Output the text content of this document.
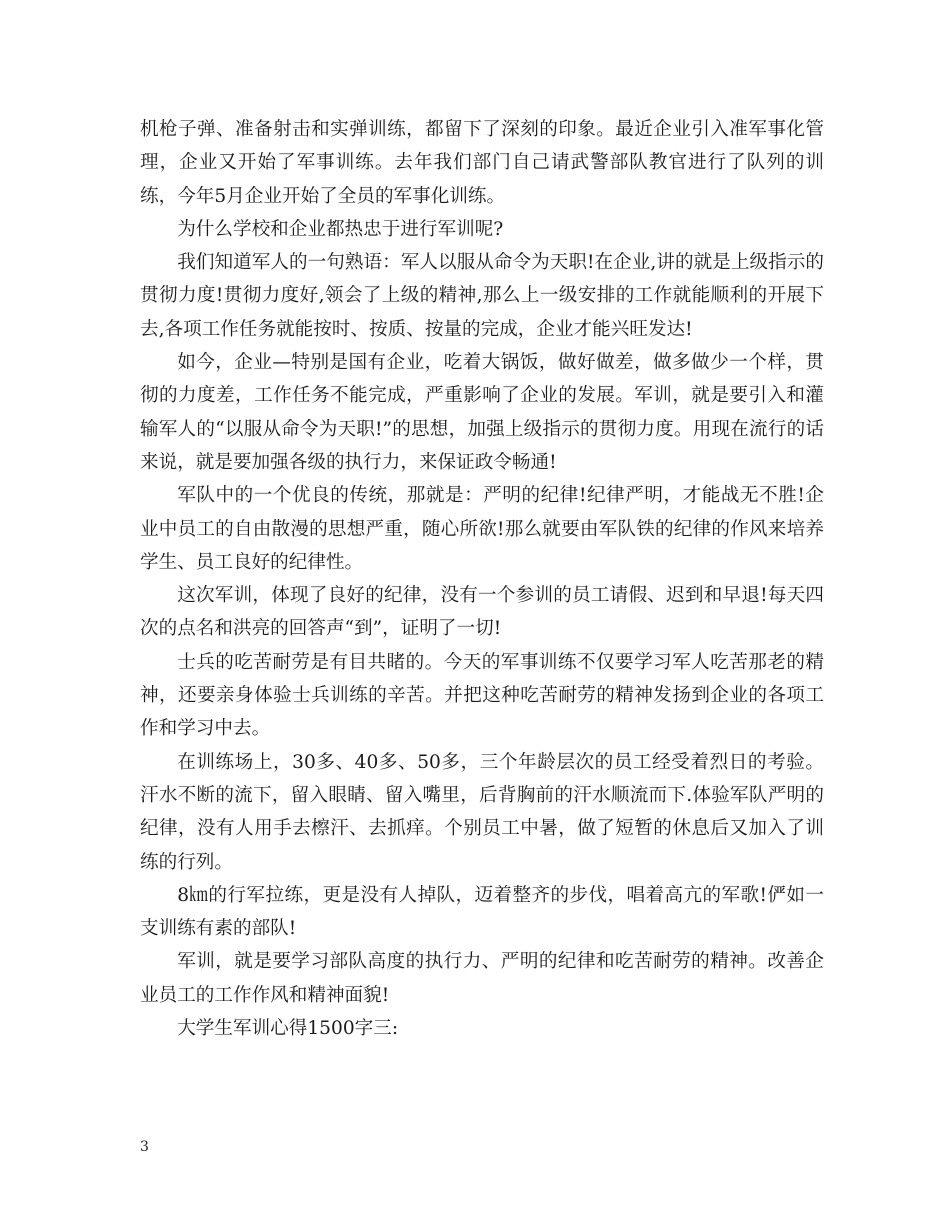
机枪子弹、准备射击和实弹训练，都留下了深刻的印象。最近企业引入准军事化管理，企业又开始了军事训练。去年我们部门自己请武警部队教官进行了队列的训练，今年5月企业开始了全员的军事化训练。

为什么学校和企业都热忠于进行军训呢?

我们知道军人的一句熟语：军人以服从命令为天职!在企业,讲的就是上级指示的贯彻力度!贯彻力度好,领会了上级的精神,那么上一级安排的工作就能顺利的开展下去,各项工作任务就能按时、按质、按量的完成，企业才能兴旺发达!

如今，企业—特别是国有企业，吃着大锅饭，做好做差，做多做少一个样，贯彻的力度差，工作任务不能完成，严重影响了企业的发展。军训，就是要引入和灌输军人的“以服从命令为天职!”的思想，加强上级指示的贯彻力度。用现在流行的话来说，就是要加强各级的执行力，来保证政令畅通!

军队中的一个优良的传统，那就是：严明的纪律!纪律严明，才能战无不胜!企业中员工的自由散漫的思想严重，随心所欲!那么就要由军队铁的纪律的作风来培养学生、员工良好的纪律性。

这次军训，体现了良好的纪律，没有一个参训的员工请假、迟到和早退!每天四次的点名和洪亮的回答声“到”，证明了一切!

士兵的吃苦耐劳是有目共睹的。今天的军事训练不仅要学习军人吃苦那老的精神，还要亲身体验士兵训练的辛苦。并把这种吃苦耐劳的精神发扬到企业的各项工作和学习中去。

在训练场上，30多、40多、50多，三个年龄层次的员工经受着烈日的考验。汗水不断的流下，留入眼睛、留入嘴里，后背胸前的汗水顺流而下.体验军队严明的纪律，没有人用手去檫汗、去抓痒。个别员工中暑，做了短暂的休息后又加入了训练的行列。

8㎞的行军拉练，更是没有人掉队，迈着整齐的步伐，唱着高亢的军歌!俨如一支训练有素的部队!

军训，就是要学习部队高度的执行力、严明的纪律和吃苦耐劳的精神。改善企业员工的工作作风和精神面貌!

大学生军训心得1500字三:

3
